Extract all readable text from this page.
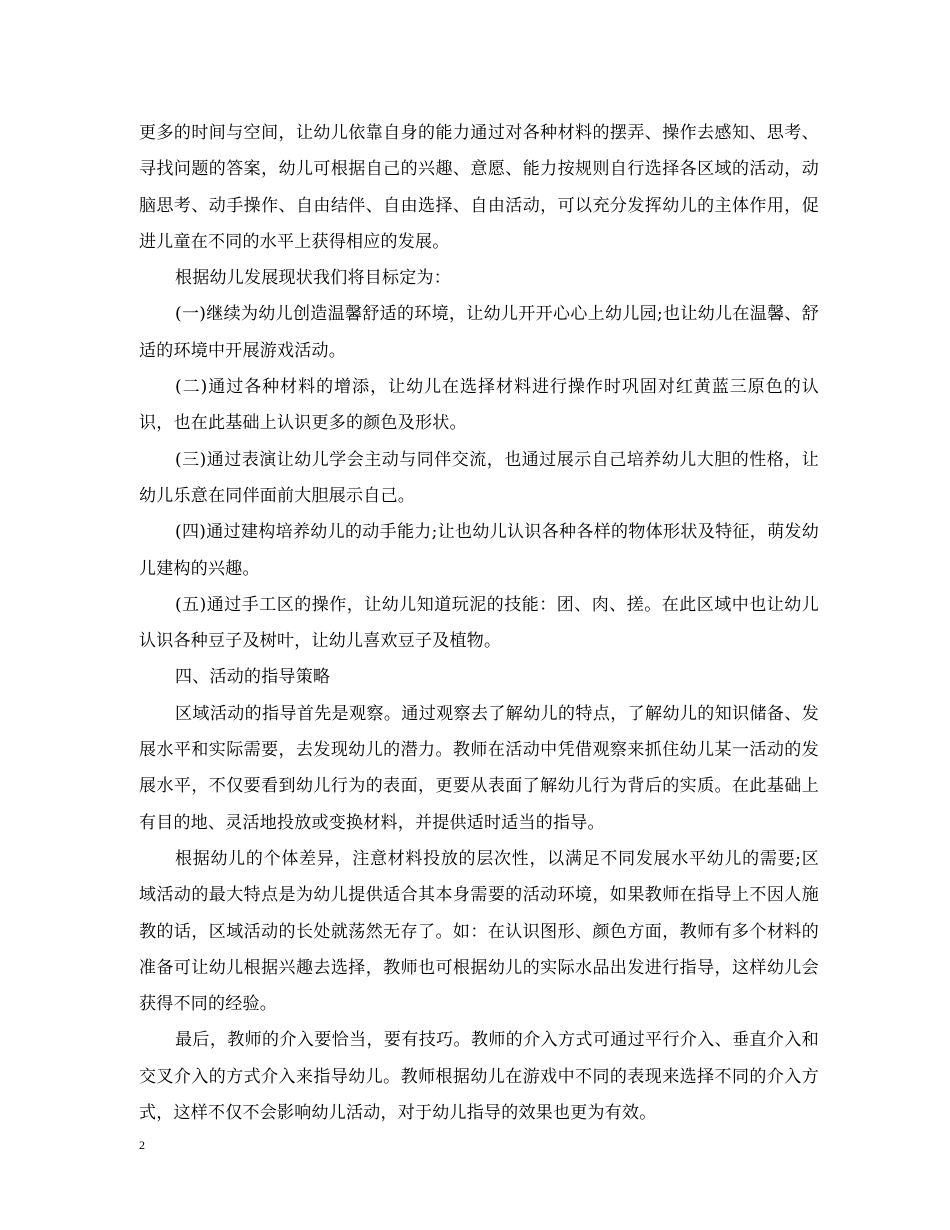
更多的时间与空间，让幼儿依靠自身的能力通过对各种材料的摆弄、操作去感知、思考、寻找问题的答案，幼儿可根据自己的兴趣、意愿、能力按规则自行选择各区域的活动，动脑思考、动手操作、自由结伴、自由选择、自由活动，可以充分发挥幼儿的主体作用，促进儿童在不同的水平上获得相应的发展。

根据幼儿发展现状我们将目标定为：

(一)继续为幼儿创造温馨舒适的环境，让幼儿开开心心上幼儿园;也让幼儿在温馨、舒适的环境中开展游戏活动。

(二)通过各种材料的增添，让幼儿在选择材料进行操作时巩固对红黄蓝三原色的认识，也在此基础上认识更多的颜色及形状。

(三)通过表演让幼儿学会主动与同伴交流，也通过展示自己培养幼儿大胆的性格，让幼儿乐意在同伴面前大胆展示自己。

(四)通过建构培养幼儿的动手能力;让也幼儿认识各种各样的物体形状及特征，萌发幼儿建构的兴趣。

(五)通过手工区的操作，让幼儿知道玩泥的技能：团、肉、搓。在此区域中也让幼儿认识各种豆子及树叶，让幼儿喜欢豆子及植物。

四、活动的指导策略

区域活动的指导首先是观察。通过观察去了解幼儿的特点，了解幼儿的知识储备、发展水平和实际需要，去发现幼儿的潜力。教师在活动中凭借观察来抓住幼儿某一活动的发展水平，不仅要看到幼儿行为的表面，更要从表面了解幼儿行为背后的实质。在此基础上有目的地、灵活地投放或变换材料，并提供适时适当的指导。

根据幼儿的个体差异，注意材料投放的层次性，以满足不同发展水平幼儿的需要;区域活动的最大特点是为幼儿提供适合其本身需要的活动环境，如果教师在指导上不因人施教的话，区域活动的长处就荡然无存了。如：在认识图形、颜色方面，教师有多个材料的准备可让幼儿根据兴趣去选择，教师也可根据幼儿的实际水品出发进行指导，这样幼儿会获得不同的经验。

最后，教师的介入要恰当，要有技巧。教师的介入方式可通过平行介入、垂直介入和交叉介入的方式介入来指导幼儿。教师根据幼儿在游戏中不同的表现来选择不同的介入方式，这样不仅不会影响幼儿活动，对于幼儿指导的效果也更为有效。

2
